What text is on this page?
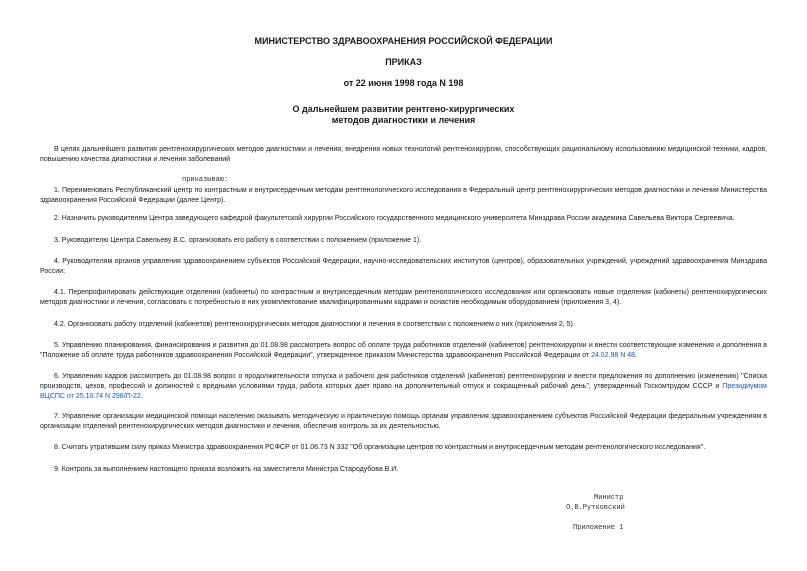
МИНИСТЕРСТВО ЗДРАВООХРАНЕНИЯ РОССИЙСКОЙ ФЕДЕРАЦИИ
ПРИКАЗ
от 22 июня 1998 года N 198
О дальнейшем развитии рентгено-хирургических
методов диагностики и лечения
В целях дальнейшего развития рентгенохирургических методов диагностики и лечения, внедрения новых технологий рентгенохирургии, способствующих рациональному использованию медицинской техники, кадров, повышению качества диагностики и лечения заболеваний
приказываю:
1. Переименовать Республиканский центр по контрастным и внутрисердечным методам рентгенологического исследования в Федеральный центр рентгенохирургических методов диагностики и лечения Министерства здравоохранения Российской Федерации (далее Центр).
2. Назначить руководителем Центра заведующего кафедрой факультетской хирургии Российского государственного медицинского университета Минздрава России академика Савельева Виктора Сергеевича.
3. Руководителю Центра Савельеву В.С. организовать его работу в соответствии с положением (приложение 1).
4. Руководителям органов управления здравоохранением субъектов Российской Федерации, научно-исследовательских институтов (центров), образовательных учреждений, учреждений здравоохранения Минздрава России:
4.1. Перепрофилировать действующие отделения (кабинеты) по контрастным и внутрисердечным методам рентгенологического исследования или организовать новые отделения (кабинеты) рентгенохирургических методов диагностики и лечения, согласовать с потребностью в них укомплектование квалифицированными кадрами и оснастив необходимым оборудованием (приложения 3, 4).
4.2. Организовать работу отделений (кабинетов) рентгенохирургических методов диагностики и лечения в соответствии с положением о них (приложения 2, 5).
5. Управлению планирования, финансирования и развития до 01.08.98 рассмотреть вопрос об оплате труда работников отделений (кабинетов) рентгенохирургии и внести соответствующие изменения и дополнения в "Положение об оплате труда работников здравоохранения Российской Федерации", утвержденное приказом Министерства здравоохранения Российской Федерации от 24.02.98 N 48.
6. Управлению кадров рассмотреть до 01.08.98 вопрос о продолжительности отпуска и рабочего дня работников отделений (кабинетов) рентгенохирургии и внести предложения по дополнению (изменению) "Списка производств, цехов, профессий и должностей с вредными условиями труда, работа которых дает право на дополнительный отпуск и сокращенный рабочий день", утвержденный Госкомтрудом СССР и Президиумом ВЦСПС от 25.10.74 N 298/П-22.
7. Управление организации медицинской помощи населению оказывать методическую и практическую помощь органам управления здравоохранением субъектов Российской Федерации федеральным учреждениям в организации отделений рентгенохирургических методов диагностики и лечения, обеспечив контроль за их деятельностью.
8. Считать утратившим силу приказ Министра здравоохранения РСФСР от 01.06.73 N 332 "Об организации центров по контрастным и внутрисердечным методам рентгенологического исследования".
9. Контроль за выполнением настоящего приказа возложить на заместителя Министра Стародубова В.И.
Министр
О.В.Рутковский
Приложение 1
